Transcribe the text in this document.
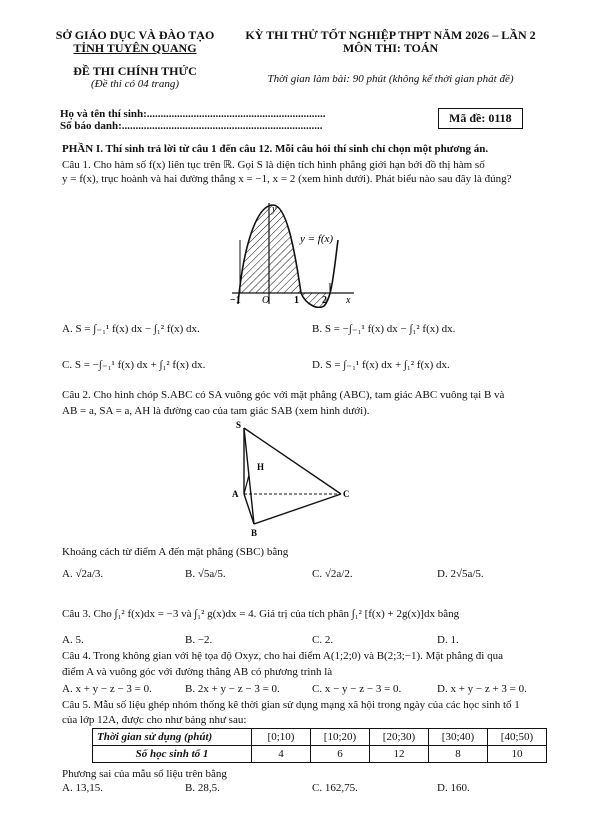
SỞ GIÁO DỤC VÀ ĐÀO TẠO
TỈNH TUYÊN QUANG
ĐỀ THI CHÍNH THỨC
(Đề thi có 04 trang)
KỲ THI THỬ TỐT NGHIỆP THPT NĂM 2026 – LẦN 2
MÔN THI: TOÁN
Thời gian làm bài: 90 phút (không kể thời gian phát đề)
Họ và tên thí sinh:.................................................................
Số báo danh:.........................................................................
Mã đề: 0118
PHẦN I. Thí sinh trả lời từ câu 1 đến câu 12. Mỗi câu hỏi thí sinh chỉ chọn một phương án.
Câu 1. Cho hàm số f(x) liên tục trên ℝ. Gọi S là diện tích hình phẳng giới hạn bởi đồ thị hàm số
y = f(x), trục hoành và hai đường thẳng x = −1, x = 2 (xem hình dưới). Phát biểu nào sau đây là đúng?
y
x
y = f(x)
−1 O 1 2
A. S = ∫₋₁¹ f(x) dx − ∫₁² f(x) dx.	B. S = −∫₋₁¹ f(x) dx − ∫₁² f(x) dx.
C. S = −∫₋₁¹ f(x) dx + ∫₁² f(x) dx.	D. S = ∫₋₁¹ f(x) dx + ∫₁² f(x) dx.
Câu 2. Cho hình chóp S.ABC có SA vuông góc với mặt phẳng (ABC), tam giác ABC vuông tại B và
AB = a, SA = a, AH là đường cao của tam giác SAB (xem hình dưới).
S
H
A
B
C
Khoảng cách từ điểm A đến mặt phẳng (SBC) bằng
A. √2a/3.	B. √5a/5.	C. √2a/2.	D. 2√5a/5.
Câu 3. Cho ∫₁² f(x)dx = −3 và ∫₁² g(x)dx = 4. Giá trị của tích phân ∫₁² [f(x) + 2g(x)]dx bằng
A. 5.	B. −2.	C. 2.	D. 1.
Câu 4. Trong không gian với hệ tọa độ Oxyz, cho hai điểm A(1;2;0) và B(2;3;−1). Mặt phẳng đi qua
điểm A và vuông góc với đường thẳng AB có phương trình là
A. x + y − z − 3 = 0.	B. 2x + y − z − 3 = 0.	C. x − y − z − 3 = 0.	D. x + y − z + 3 = 0.
Câu 5. Mẫu số liệu ghép nhóm thống kê thời gian sử dụng mạng xã hội trong ngày của các học sinh tổ 1
của lớp 12A, được cho như bảng như sau:
Thời gian sử dụng (phút)	[0;10)	[10;20)	[20;30)	[30;40)	[40;50)
Số học sinh tổ 1	4	6	12	8	10
Phương sai của mẫu số liệu trên bằng
A. 13,15.	B. 28,5.	C. 162,75.	D. 160.
